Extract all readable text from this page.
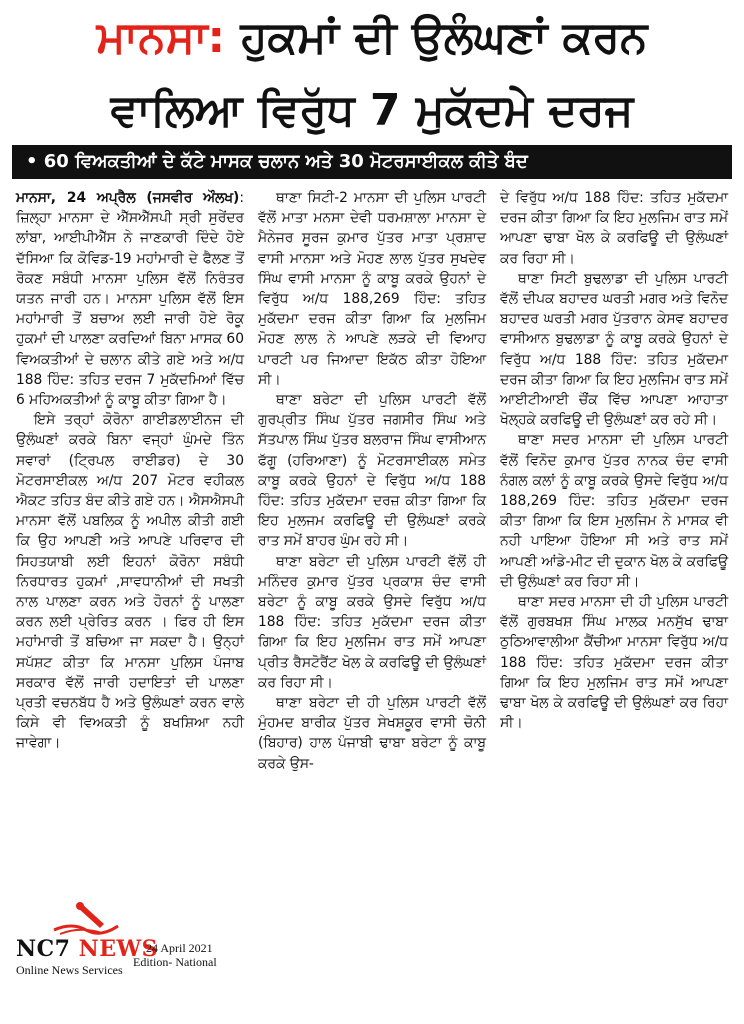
ਮਾਨਸਾ: ਹੁਕਮਾਂ ਦੀ ਉਲੰਘਣਾਂ ਕਰਨ
ਵਾਲਿਆ ਵਿਰੁੱਧ 7 ਮੁਕੱਦਮੇ ਦਰਜ
• 60 ਵਿਅਕਤੀਆਂ ਦੇ ਕੱਟੇ ਮਾਸਕ ਚਲਾਨ ਅਤੇ 30 ਮੋਟਰਸਾਈਕਲ ਕੀਤੇ ਬੰਦ

ਮਾਨਸਾ, 24 ਅਪ੍ਰੈਲ (ਜਸਵੀਰ ਔਲਖ): ਜ਼ਿਲ੍ਹਾ ਮਾਨਸਾ ਦੇ ਐੱਸਐੱਸਪੀ ਸ੍ਰੀ ਸੁਰੇਂਦਰ ਲਾਂਬਾ, ਆਈਪੀਐੱਸ ਨੇ ਜਾਣਕਾਰੀ ਦਿੰਦੇ ਹੋਏ ਦੱਸਿਆ ਕਿ ਕੋਵਿਡ-19 ਮਹਾਂਮਾਰੀ ਦੇ ਫੈਲਣ ਤੋਂ ਰੋਕਣ ਸਬੰਧੀ ਮਾਨਸਾ ਪੁਲਿਸ ਵੱਲੋਂ ਨਿਰੰਤਰ ਯਤਨ ਜਾਰੀ ਹਨ। ਮਾਨਸਾ ਪੁਲਿਸ ਵੱਲੋਂ ਇਸ ਮਹਾਂਮਾਰੀ ਤੋਂ ਬਚਾਅ ਲਈ ਜਾਰੀ ਹੋਏ ਰੋਕੂ ਹੁਕਮਾਂ ਦੀ ਪਾਲਣਾ ਕਰਦਿਆਂ ਬਿਨਾ ਮਾਸਕ 60 ਵਿਅਕਤੀਆਂ ਦੇ ਚਲਾਨ ਕੀਤੇ ਗਏ ਅਤੇ ਅ/ਧ 188 ਹਿੰਦ: ਤਹਿਤ ਦਰਜ 7 ਮੁਕੱਦਮਿਆਂ ਵਿੱਚ 6 ਮਹਿਅਕਤੀਆਂ ਨੂੰ ਕਾਬੂ ਕੀਤਾ ਗਿਆ ਹੈ।

ਇਸੇ ਤਰ੍ਹਾਂ ਕੋਰੋਨਾ ਗਾਈਡਲਾਈਨਜ ਦੀ ਉਲੰਘਣਾਂ ਕਰਕੇ ਬਿਨਾ ਵਜ੍ਹਾਂ ਘੁੰਮਦੇ ਤਿੰਨ ਸਵਾਰਾਂ (ਟ੍ਰਿਪਲ ਰਾਈਡਰ) ਦੇ 30 ਮੋਟਰਸਾਈਕਲ ਅ/ਧ 207 ਮੋਟਰ ਵਹੀਕਲ ਐਕਟ ਤਹਿਤ ਬੰਦ ਕੀਤੇ ਗਏ ਹਨ। ਐਸਐਸਪੀ ਮਾਨਸਾ ਵੱਲੋਂ ਪਬਲਿਕ ਨੂੰ ਅਪੀਲ ਕੀਤੀ ਗਈ ਕਿ ਉਹ ਆਪਣੀ ਅਤੇ ਆਪਣੇ ਪਰਿਵਾਰ ਦੀ ਸਿਹਤਯਾਬੀ ਲਈ ਇਹਨਾਂ ਕੋਰੋਨਾ ਸਬੰਧੀ ਨਿਰਧਾਰਤ ਹੁਕਮਾਂ ,ਸਾਵਧਾਨੀਆਂ ਦੀ ਸਖਤੀ ਨਾਲ ਪਾਲਣਾ ਕਰਨ ਅਤੇ ਹੋਰਨਾਂ ਨੂੰ ਪਾਲਣਾ ਕਰਨ ਲਈ ਪ੍ਰੇਰਿਤ ਕਰਨ । ਫਿਰ ਹੀ ਇਸ ਮਹਾਂਮਾਰੀ ਤੋਂ ਬਚਿਆ ਜਾ ਸਕਦਾ ਹੈ। ਉਨ੍ਹਾਂ ਸਪੱਸ਼ਟ ਕੀਤਾ ਕਿ ਮਾਨਸਾ ਪੁਲਿਸ ਪੰਜਾਬ ਸਰਕਾਰ ਵੱਲੋਂ ਜਾਰੀ ਹਦਾਇਤਾਂ ਦੀ ਪਾਲਣਾ ਪ੍ਰਤੀ ਵਚਨਬੱਧ ਹੈ ਅਤੇ ਉਲੰਘਣਾਂ ਕਰਨ ਵਾਲੇ ਕਿਸੇ ਵੀ ਵਿਅਕਤੀ ਨੂੰ ਬਖਸ਼ਿਆ ਨਹੀ ਜਾਵੇਗਾ।

ਥਾਣਾ ਸਿਟੀ-2 ਮਾਨਸਾ ਦੀ ਪੁਲਿਸ ਪਾਰਟੀ ਵੱਲੋਂ ਮਾਤਾ ਮਨਸਾ ਦੇਵੀ ਧਰਮਸ਼ਾਲਾ ਮਾਨਸਾ ਦੇ ਮੈਨੇਜਰ ਸੂਰਜ ਕੁਮਾਰ ਪੁੱਤਰ ਮਾਤਾ ਪ੍ਰਸ਼ਾਦ ਵਾਸੀ ਮਾਨਸਾ ਅਤੇ ਮੋਹਣ ਲਾਲ ਪੁੱਤਰ ਸੁਖਦੇਵ ਸਿੰਘ ਵਾਸੀ ਮਾਨਸਾ ਨੂੰ ਕਾਬੂ ਕਰਕੇ ਉਹਨਾਂ ਦੇ ਵਿਰੁੱਧ ਅ/ਧ 188,269 ਹਿੰਦ: ਤਹਿਤ ਮੁਕੱਦਮਾ ਦਰਜ ਕੀਤਾ ਗਿਆ ਕਿ ਮੁਲਜਿਮ ਮੋਹਣ ਲਾਲ ਨੇ ਆਪਣੇ ਲੜਕੇ ਦੀ ਵਿਆਹ ਪਾਰਟੀ ਪਰ ਜਿਆਦਾ ਇਕੱਠ ਕੀਤਾ ਹੋਇਆ ਸੀ।

ਥਾਣਾ ਬਰੇਟਾ ਦੀ ਪੁਲਿਸ ਪਾਰਟੀ ਵੱਲੋਂ ਗੁਰਪ੍ਰੀਤ ਸਿੰਘ ਪੁੱਤਰ ਜਗਸੀਰ ਸਿੰਘ ਅਤੇ ਸੱਤਪਾਲ ਸਿੰਘ ਪੁੱਤਰ ਬਲਰਾਜ ਸਿੰਘ ਵਾਸੀਆਨ ਫੱਗੂ (ਹਰਿਆਣਾ) ਨੂੰ ਮੋਟਰਸਾਈਕਲ ਸਮੇਤ ਕਾਬੂ ਕਰਕੇ ਉਹਨਾਂ ਦੇ ਵਿਰੁੱਧ ਅ/ਧ 188 ਹਿੰਦ: ਤਹਿਤ ਮੁਕੱਦਮਾ ਦਰਜ਼ ਕੀਤਾ ਗਿਆ ਕਿ ਇਹ ਮੁਲਜਮ ਕਰਫਿਊ ਦੀ ਉਲੰਘਣਾਂ ਕਰਕੇ ਰਾਤ ਸਮੇਂ ਬਾਹਰ ਘੁੰਮ ਰਹੇ ਸੀ।

ਥਾਣਾ ਬਰੇਟਾ ਦੀ ਪੁਲਿਸ ਪਾਰਟੀ ਵੱਲੋਂ ਹੀ ਮਨਿੰਦਰ ਕੁਮਾਰ ਪੁੱਤਰ ਪ੍ਰਕਾਸ਼ ਚੰਦ ਵਾਸੀ ਬਰੇਟਾ ਨੂੰ ਕਾਬੂ ਕਰਕੇ ਉਸਦੇ ਵਿਰੁੱਧ ਅ/ਧ 188 ਹਿੰਦ: ਤਹਿਤ ਮੁਕੱਦਮਾ ਦਰਜ ਕੀਤਾ ਗਿਆ ਕਿ ਇਹ ਮੁਲਜਿਮ ਰਾਤ ਸਮੇਂ ਆਪਣਾ ਪ੍ਰੀਤ ਰੈਸਟੋਰੈਂਟ ਖੋਲ ਕੇ ਕਰਫਿਊ ਦੀ ਉਲੰਘਣਾਂ ਕਰ ਰਿਹਾ ਸੀ।

ਥਾਣਾ ਬਰੇਟਾ ਦੀ ਹੀ ਪੁਲਿਸ ਪਾਰਟੀ ਵੱਲੋਂ ਮੁੰਹਮਦ ਬਾਰੀਕ ਪੁੱਤਰ ਸੇਖਸ਼ਕੂਰ ਵਾਸੀ ਚੋਨੀ (ਬਿਹਾਰ) ਹਾਲ ਪੰਜਾਬੀ ਢਾਬਾ ਬਰੇਟਾ ਨੂੰ ਕਾਬੂ ਕਰਕੇ ਉਸ-

ਦੇ ਵਿਰੁੱਧ ਅ/ਧ 188 ਹਿੰਦ: ਤਹਿਤ ਮੁਕੱਦਮਾ ਦਰਜ ਕੀਤਾ ਗਿਆ ਕਿ ਇਹ ਮੁਲਜਿਮ ਰਾਤ ਸਮੇਂ ਆਪਣਾ ਢਾਬਾ ਖੋਲ ਕੇ ਕਰਫਿਊ ਦੀ ਉਲੰਘਣਾਂ ਕਰ ਰਿਹਾ ਸੀ।

ਥਾਣਾ ਸਿਟੀ ਬੁਢਲਾਡਾ ਦੀ ਪੁਲਿਸ ਪਾਰਟੀ ਵੱਲੋਂ ਦੀਪਕ ਬਹਾਦਰ ਘਰਤੀ ਮਗਰ ਅਤੇ ਵਿਨੋਦ ਬਹਾਦਰ ਘਰਤੀ ਮਗਰ ਪੁੱਤਰਾਨ ਕੇਸਵ ਬਹਾਦਰ ਵਾਸੀਆਨ ਬੁਢਲਾਡਾ ਨੂੰ ਕਾਬੂ ਕਰਕੇ ਉਹਨਾਂ ਦੇ ਵਿਰੁੱਧ ਅ/ਧ 188 ਹਿੰਦ: ਤਹਿਤ ਮੁਕੱਦਮਾ ਦਰਜ ਕੀਤਾ ਗਿਆ ਕਿ ਇਹ ਮੁਲਜਿਮ ਰਾਤ ਸਮੇਂ ਆਈਟੀਆਈ ਚੌਂਕ ਵਿੱਚ ਆਪਣਾ ਆਹਾਤਾ ਖੋਲ੍ਹਕੇ ਕਰਫਿਊ ਦੀ ਉਲੰਘਣਾਂ ਕਰ ਰਹੇ ਸੀ।

ਥਾਣਾ ਸਦਰ ਮਾਨਸਾ ਦੀ ਪੁਲਿਸ ਪਾਰਟੀ ਵੱਲੋਂ ਵਿਨੋਦ ਕੁਮਾਰ ਪੁੱਤਰ ਨਾਨਕ ਚੰਦ ਵਾਸੀ ਨੰਗਲ ਕਲਾਂ ਨੂੰ ਕਾਬੂ ਕਰਕੇ ਉਸਦੇ ਵਿਰੁੱਧ ਅ/ਧ 188,269 ਹਿੰਦ: ਤਹਿਤ ਮੁਕੱਦਮਾ ਦਰਜ ਕੀਤਾ ਗਿਆ ਕਿ ਇਸ ਮੁਲਜਿਮ ਨੇ ਮਾਸਕ ਵੀ ਨਹੀ ਪਾਇਆ ਹੋਇਆ ਸੀ ਅਤੇ ਰਾਤ ਸਮੇਂ ਆਪਣੀ ਆਂਡੇ-ਮੀਟ ਦੀ ਦੁਕਾਨ ਖੋਲ ਕੇ ਕਰਫਿਊ ਦੀ ਉਲੰਘਣਾਂ ਕਰ ਰਿਹਾ ਸੀ।

ਥਾਣਾ ਸਦਰ ਮਾਨਸਾ ਦੀ ਹੀ ਪੁਲਿਸ ਪਾਰਟੀ ਵੱਲੋਂ ਗੁਰਬਖਸ਼ ਸਿੰਘ ਮਾਲਕ ਮਨਸੁੱਖ ਢਾਬਾ ਠੁਠਿਆਵਾਲੀਆ ਕੈਂਚੀਆ ਮਾਨਸਾ ਵਿਰੁੱਧ ਅ/ਧ 188 ਹਿੰਦ: ਤਹਿਤ ਮੁਕੱਦਮਾ ਦਰਜ ਕੀਤਾ ਗਿਆ ਕਿ ਇਹ ਮੁਲਜਿਮ ਰਾਤ ਸਮੇਂ ਆਪਣਾ ਢਾਬਾ ਖੋਲ ਕੇ ਕਰਫਿਊ ਦੀ ਉਲੰਘਣਾਂ ਕਰ ਰਿਹਾ ਸੀ।

NC7 NEWS
Online News Services
24 April 2021
Edition- National
